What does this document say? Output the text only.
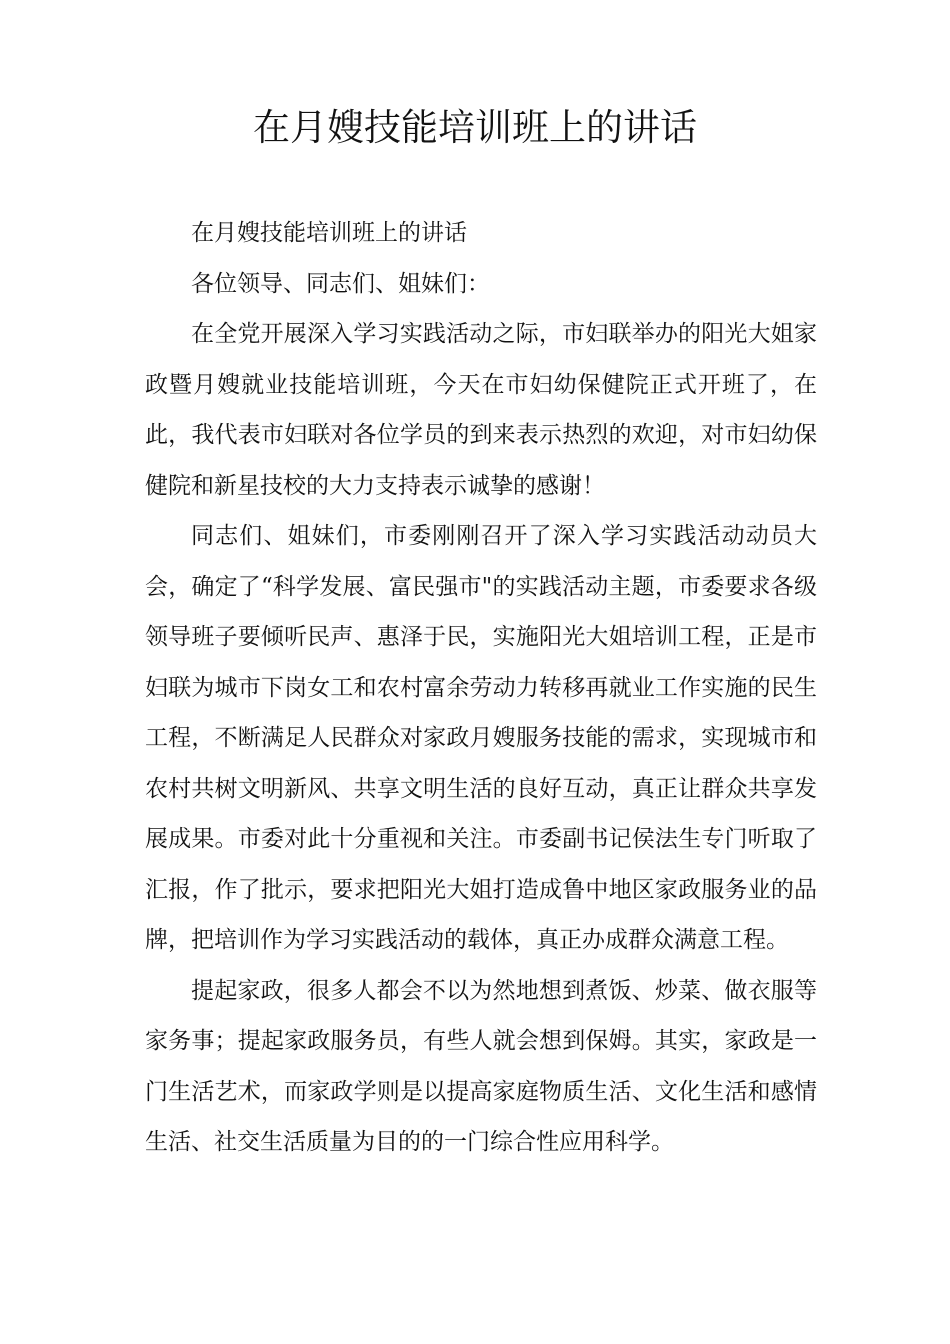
在月嫂技能培训班上的讲话

在月嫂技能培训班上的讲话

各位领导、同志们、姐妹们：

在全党开展深入学习实践活动之际，市妇联举办的阳光大姐家政暨月嫂就业技能培训班，今天在市妇幼保健院正式开班了，在此，我代表市妇联对各位学员的到来表示热烈的欢迎，对市妇幼保健院和新星技校的大力支持表示诚挚的感谢！

同志们、姐妹们，市委刚刚召开了深入学习实践活动动员大会，确定了“科学发展、富民强市"的实践活动主题，市委要求各级领导班子要倾听民声、惠泽于民，实施阳光大姐培训工程，正是市妇联为城市下岗女工和农村富余劳动力转移再就业工作实施的民生工程，不断满足人民群众对家政月嫂服务技能的需求，实现城市和农村共树文明新风、共享文明生活的良好互动，真正让群众共享发展成果。市委对此十分重视和关注。市委副书记侯法生专门听取了汇报，作了批示，要求把阳光大姐打造成鲁中地区家政服务业的品牌，把培训作为学习实践活动的载体，真正办成群众满意工程。

提起家政，很多人都会不以为然地想到煮饭、炒菜、做衣服等家务事；提起家政服务员，有些人就会想到保姆。其实，家政是一门生活艺术，而家政学则是以提高家庭物质生活、文化生活和感情生活、社交生活质量为目的的一门综合性应用科学。
